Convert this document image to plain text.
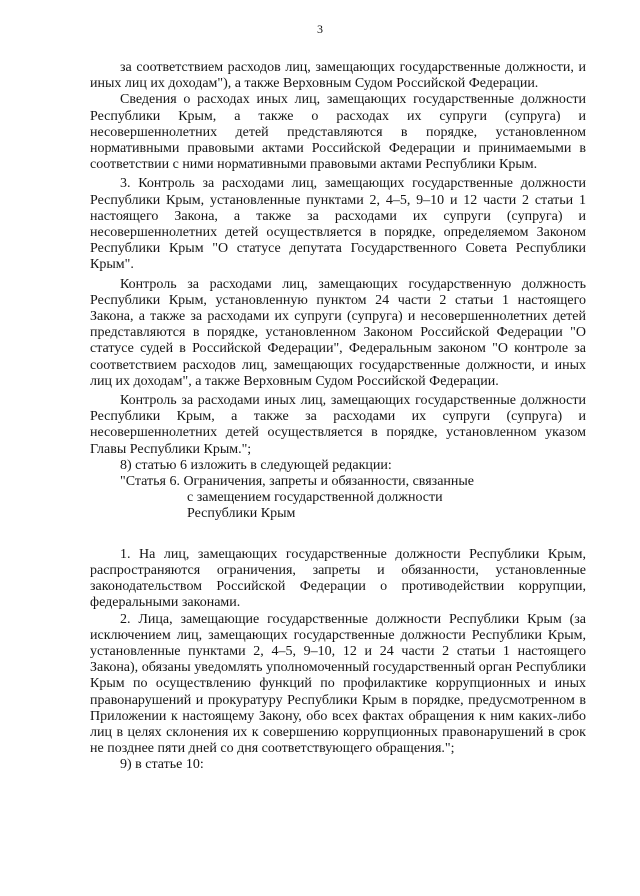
3

за соответствием расходов лиц, замещающих государственные должности, и иных лиц их доходам"), а также Верховным Судом Российской Федерации.

Сведения о расходах иных лиц, замещающих государственные должности Республики Крым, а также о расходах их супруги (супруга) и несовершеннолетних детей представляются в порядке, установленном нормативными правовыми актами Российской Федерации и принимаемыми в соответствии с ними нормативными правовыми актами Республики Крым.

3. Контроль за расходами лиц, замещающих государственные должности Республики Крым, установленные пунктами 2, 4–5, 9–10 и 12 части 2 статьи 1 настоящего Закона, а также за расходами их супруги (супруга) и несовершеннолетних детей осуществляется в порядке, определяемом Законом Республики Крым "О статусе депутата Государственного Совета Республики Крым".

Контроль за расходами лиц, замещающих государственную должность Республики Крым, установленную пунктом 24 части 2 статьи 1 настоящего Закона, а также за расходами их супруги (супруга) и несовершеннолетних детей представляются в порядке, установленном Законом Российской Федерации "О статусе судей в Российской Федерации", Федеральным законом "О контроле за соответствием расходов лиц, замещающих государственные должности, и иных лиц их доходам", а также Верховным Судом Российской Федерации.

Контроль за расходами иных лиц, замещающих государственные должности Республики Крым, а также за расходами их супруги (супруга) и несовершеннолетних детей осуществляется в порядке, установленном указом Главы Республики Крым.";

8) статью 6 изложить в следующей редакции:

"Статья 6. Ограничения, запреты и обязанности, связанные

с замещением государственной должности

Республики Крым

1. На лиц, замещающих государственные должности Республики Крым, распространяются ограничения, запреты и обязанности, установленные законодательством Российской Федерации о противодействии коррупции, федеральными законами.

2. Лица, замещающие государственные должности Республики Крым (за исключением лиц, замещающих государственные должности Республики Крым, установленные пунктами 2, 4–5, 9–10, 12 и 24 части 2 статьи 1 настоящего Закона), обязаны уведомлять уполномоченный государственный орган Республики Крым по осуществлению функций по профилактике коррупционных и иных правонарушений и прокуратуру Республики Крым в порядке, предусмотренном в Приложении к настоящему Закону, обо всех фактах обращения к ним каких-либо лиц в целях склонения их к совершению коррупционных правонарушений в срок не позднее пяти дней со дня соответствующего обращения.";

9) в статье 10:
